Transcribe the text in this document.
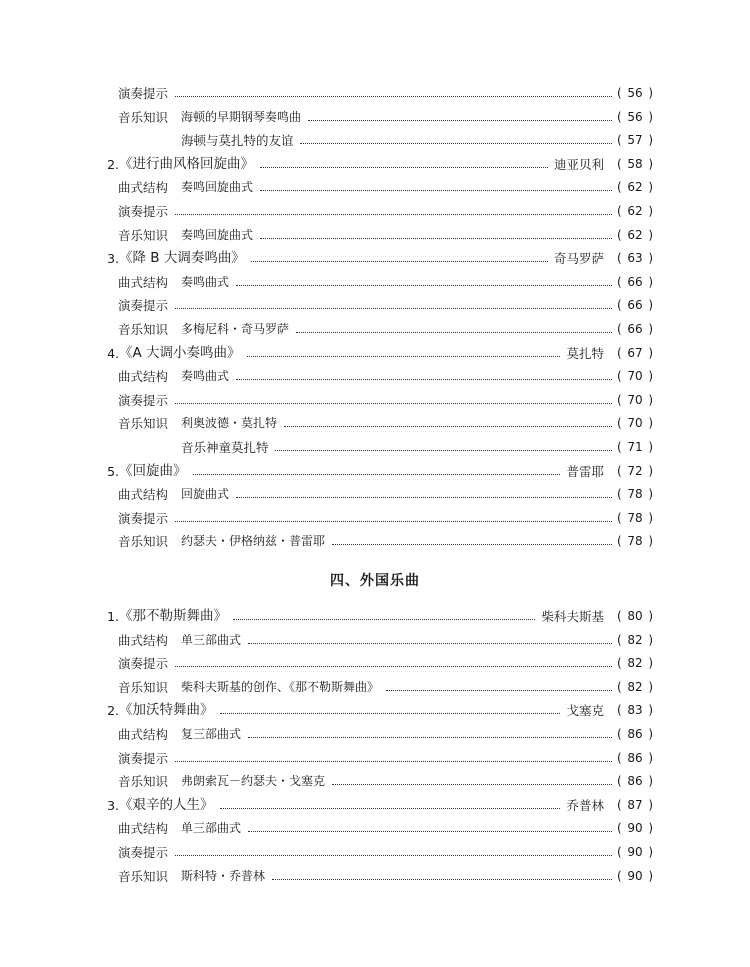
演奏提示	( 56 )
音乐知识 海顿的早期钢琴奏鸣曲	( 56 )
海顿与莫扎特的友谊	( 57 )
2. 《进行曲风格回旋曲》	迪亚贝利 ( 58 )
曲式结构 奏鸣回旋曲式	( 62 )
演奏提示	( 62 )
音乐知识 奏鸣回旋曲式	( 62 )
3. 《降 B 大调奏鸣曲》	奇马罗萨 ( 63 )
曲式结构 奏鸣曲式	( 66 )
演奏提示	( 66 )
音乐知识 多梅尼科・奇马罗萨	( 66 )
4. 《A 大调小奏鸣曲》	莫扎特 ( 67 )
曲式结构 奏鸣曲式	( 70 )
演奏提示	( 70 )
音乐知识 利奥波德・莫扎特	( 70 )
音乐神童莫扎特	( 71 )
5. 《回旋曲》	普雷耶 ( 72 )
曲式结构 回旋曲式	( 78 )
演奏提示	( 78 )
音乐知识 约瑟夫・伊格纳兹・普雷耶	( 78 )
四、外国乐曲
1. 《那不勒斯舞曲》	柴科夫斯基 ( 80 )
曲式结构 单三部曲式	( 82 )
演奏提示	( 82 )
音乐知识 柴科夫斯基的创作、《那不勒斯舞曲》	( 82 )
2. 《加沃特舞曲》	戈塞克 ( 83 )
曲式结构 复三部曲式	( 86 )
演奏提示	( 86 )
音乐知识 弗朗索瓦－约瑟夫・戈塞克	( 86 )
3. 《艰辛的人生》	乔普林 ( 87 )
曲式结构 单三部曲式	( 90 )
演奏提示	( 90 )
音乐知识 斯科特・乔普林	( 90 )
